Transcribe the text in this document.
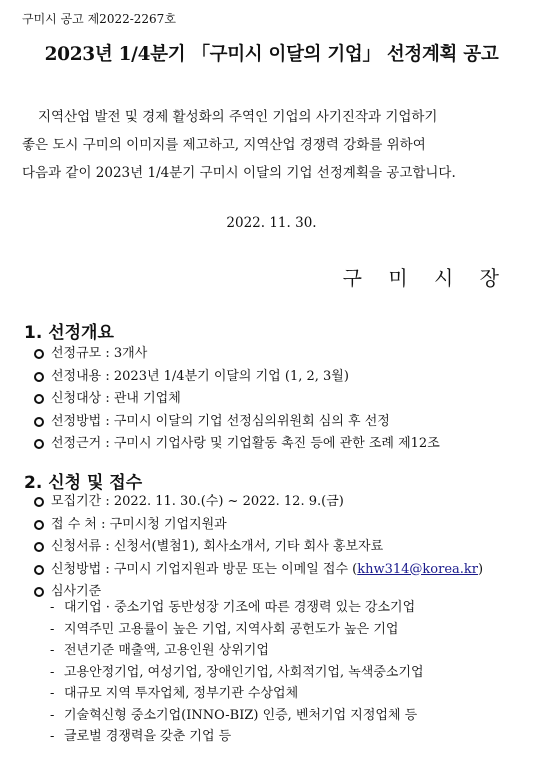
구미시 공고 제2022-2267호
2023년 1/4분기 「구미시 이달의 기업」 선정계획 공고

지역산업 발전 및 경제 활성화의 주역인 기업의 사기진작과 기업하기

좋은 도시 구미의 이미지를 제고하고, 지역산업 경쟁력 강화를 위하여

다음과 같이 2023년 1/4분기 구미시 이달의 기업 선정계획을 공고합니다.

2022. 11. 30.
구 미 시 장
1. 선정개요
선정규모 : 3개사
선정내용 : 2023년 1/4분기 이달의 기업 (1, 2, 3월)
신청대상 : 관내 기업체
선정방법 : 구미시 이달의 기업 선정심의위원회 심의 후 선정
선정근거 : 구미시 기업사랑 및 기업활동 촉진 등에 관한 조례 제12조
2. 신청 및 접수
모집기간 : 2022. 11. 30.(수) ~ 2022. 12. 9.(금)
접 수 처 : 구미시청 기업지원과
신청서류 : 신청서(별첨1), 회사소개서, 기타 회사 홍보자료
신청방법 : 구미시 기업지원과 방문 또는 이메일 접수 (khw314@korea.kr)
심사기준
- 대기업 · 중소기업 동반성장 기조에 따른 경쟁력 있는 강소기업
- 지역주민 고용률이 높은 기업, 지역사회 공헌도가 높은 기업
- 전년기준 매출액, 고용인원 상위기업
- 고용안정기업, 여성기업, 장애인기업, 사회적기업, 녹색중소기업
- 대규모 지역 투자업체, 정부기관 수상업체
- 기술혁신형 중소기업(INNO-BIZ) 인증, 벤처기업 지정업체 등
- 글로벌 경쟁력을 갖춘 기업 등
